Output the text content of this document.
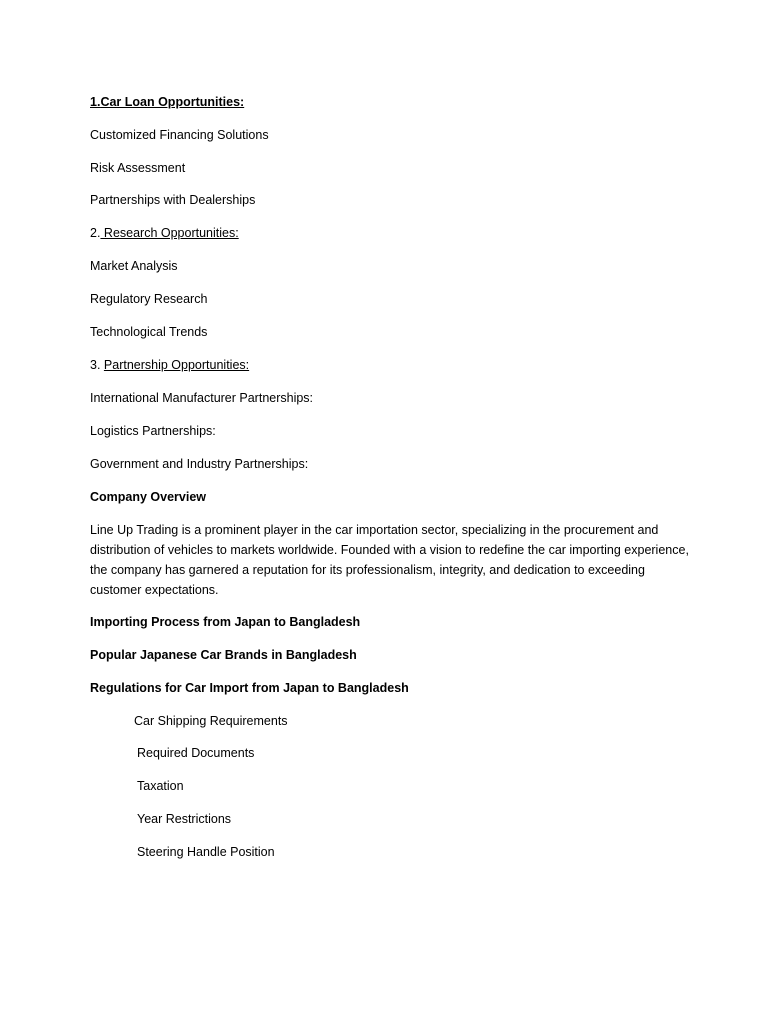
1.Car Loan Opportunities:
Customized Financing Solutions
Risk Assessment
Partnerships with Dealerships
2. Research Opportunities:
Market Analysis
Regulatory Research
Technological Trends
3. Partnership Opportunities:
International Manufacturer Partnerships:
Logistics Partnerships:
Government and Industry Partnerships:
Company Overview
Line Up Trading is a prominent player in the car importation sector, specializing in the procurement and distribution of vehicles to markets worldwide. Founded with a vision to redefine the car importing experience, the company has garnered a reputation for its professionalism, integrity, and dedication to exceeding customer expectations.
Importing Process from Japan to Bangladesh
Popular Japanese Car Brands in Bangladesh
Regulations for Car Import from Japan to Bangladesh
Car Shipping Requirements
Required Documents
Taxation
Year Restrictions
Steering Handle Position
